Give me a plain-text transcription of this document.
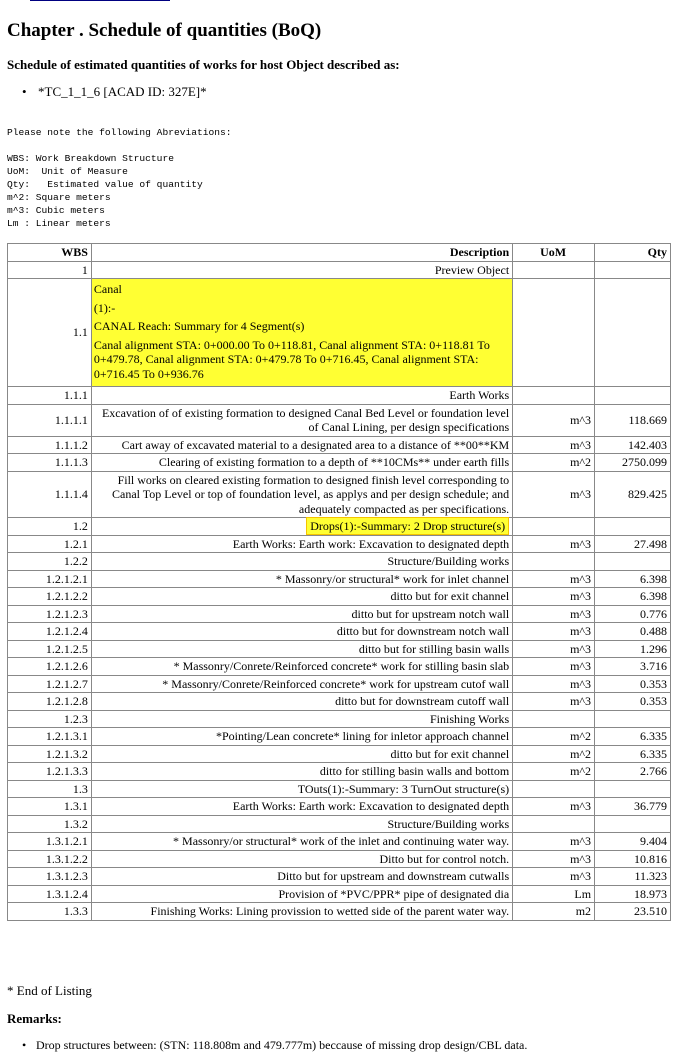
Chapter . Schedule of quantities (BoQ)

Schedule of estimated quantities of works for host Object described as:

• *TC_1_1_6 [ACAD ID: 327E]*
Please note the following Abreviations:

WBS: Work Breakdown Structure
UoM:  Unit of Measure
Qty:   Estimated value of quantity
m^2: Square meters
m^3: Cubic meters
Lm : Linear meters
WBS	Description	UoM	Qty
1	Preview Object		
1.1	Canal
(1):-
CANAL Reach: Summary for 4 Segment(s)
Canal alignment STA: 0+000.00 To 0+118.81, Canal alignment STA: 0+118.81 To 0+479.78, Canal alignment STA: 0+479.78 To 0+716.45, Canal alignment STA: 0+716.45 To 0+936.76		

1.1.1	Earth Works		
1.1.1.1	Excavation of of existing formation to designed Canal Bed Level or foundation level of Canal Lining, per design specifications	m^3	118.669
1.1.1.2	Cart away of excavated material to a designated area to a distance of **00**KM	m^3	142.403
1.1.1.3	Clearing of existing formation to a depth of **10CMs** under earth fills	m^2	2750.099
1.1.1.4	Fill works on cleared existing formation to designed finish level corresponding to Canal Top Level or top of foundation level, as applys and per design schedule; and adequately compacted as per specifications.	m^3	829.425
1.2	Drops(1):-Summary: 2 Drop structure(s)		
1.2.1	Earth Works: Earth work: Excavation to designated depth	m^3	27.498
1.2.2	Structure/Building works		
1.2.1.2.1	* Massonry/or structural* work for inlet channel	m^3	6.398
1.2.1.2.2	ditto but for exit channel	m^3	6.398
1.2.1.2.3	ditto but for upstream notch wall	m^3	0.776
1.2.1.2.4	ditto but for downstream notch wall	m^3	0.488
1.2.1.2.5	ditto but for stilling basin walls	m^3	1.296
1.2.1.2.6	* Massonry/Conrete/Reinforced concrete* work for stilling basin slab	m^3	3.716
1.2.1.2.7	* Massonry/Conrete/Reinforced concrete* work for upstream cutof wall	m^3	0.353
1.2.1.2.8	ditto but for downstream cutoff wall	m^3	0.353
1.2.3	Finishing Works		
1.2.1.3.1	*Pointing/Lean concrete* lining for inletor approach channel	m^2	6.335
1.2.1.3.2	ditto but for exit channel	m^2	6.335
1.2.1.3.3	ditto for stilling basin walls and bottom	m^2	2.766
1.3	TOuts(1):-Summary: 3 TurnOut structure(s)		
1.3.1	Earth Works: Earth work: Excavation to designated depth	m^3	36.779
1.3.2	Structure/Building works		
1.3.1.2.1	* Massonry/or structural* work of the inlet and continuing water way.	m^3	9.404
1.3.1.2.2	Ditto but for control notch.	m^3	10.816
1.3.1.2.3	Ditto but for upstream and downstream cutwalls	m^3	11.323
1.3.1.2.4	Provision of *PVC/PPR* pipe of designated dia	Lm	18.973
1.3.3	Finishing Works: Lining provission to wetted side of the parent water way.	m2	23.510

* End of Listing

Remarks:

• Drop structures between: (STN: 118.808m and 479.777m) beccause of missing drop design/CBL data.
